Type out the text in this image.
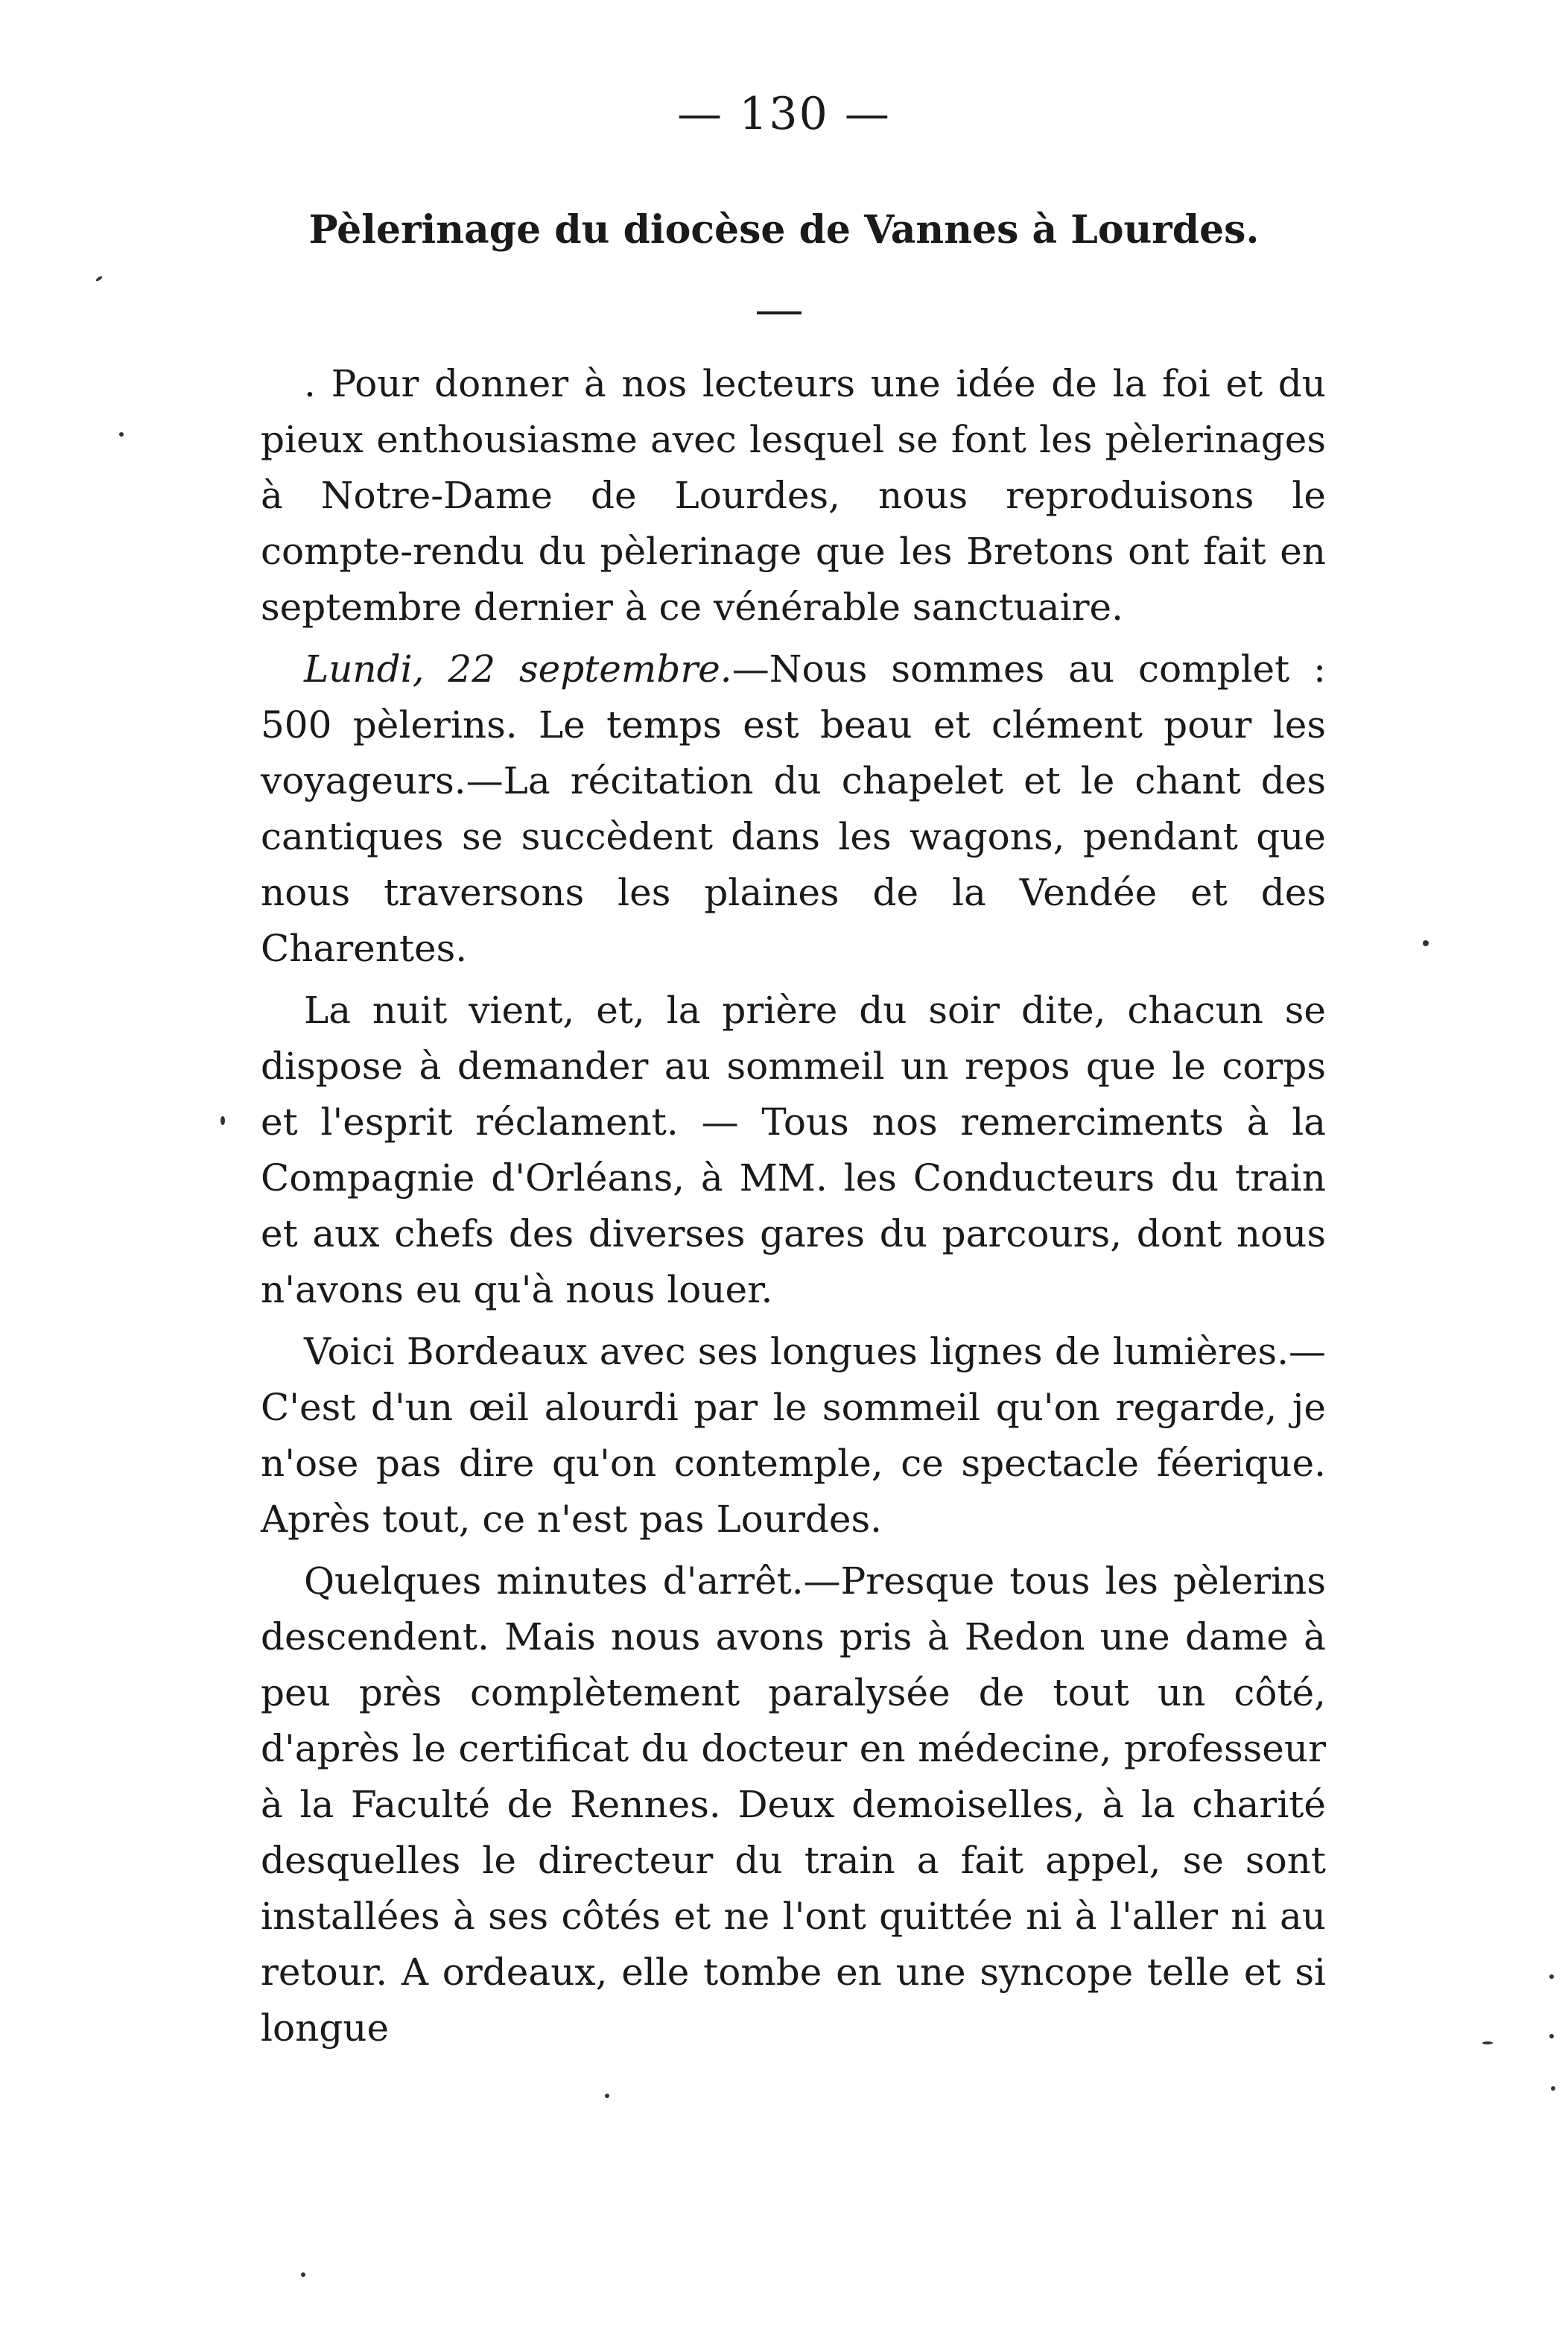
— 130 —
Pèlerinage du diocèse de Vannes à Lourdes.

. Pour donner à nos lecteurs une idée de la foi et du pieux enthousiasme avec lesquel se font les pèlerinages à Notre-Dame de Lourdes, nous reproduisons le compte-rendu du pèlerinage que les Bretons ont fait en septembre dernier à ce vénérable sanctuaire.

Lundi, 22 septembre.—Nous sommes au complet : 500 pèlerins. Le temps est beau et clément pour les voyageurs.—La récitation du chapelet et le chant des cantiques se succèdent dans les wagons, pendant que nous traversons les plaines de la Vendée et des Charentes.

La nuit vient, et, la prière du soir dite, chacun se dispose à demander au sommeil un repos que le corps et l'esprit réclament. — Tous nos remerciments à la Compagnie d'Orléans, à MM. les Conducteurs du train et aux chefs des diverses gares du parcours, dont nous n'avons eu qu'à nous louer.

Voici Bordeaux avec ses longues lignes de lumières.— C'est d'un œil alourdi par le sommeil qu'on regarde, je n'ose pas dire qu'on contemple, ce spectacle féerique. Après tout, ce n'est pas Lourdes.

Quelques minutes d'arrêt.—Presque tous les pèlerins descendent. Mais nous avons pris à Redon une dame à peu près complètement paralysée de tout un côté, d'après le certificat du docteur en médecine, professeur à la Faculté de Rennes. Deux demoiselles, à la charité desquelles le directeur du train a fait appel, se sont installées à ses côtés et ne l'ont quittée ni à l'aller ni au retour. A ordeaux, elle tombe en une syncope telle et si longue
